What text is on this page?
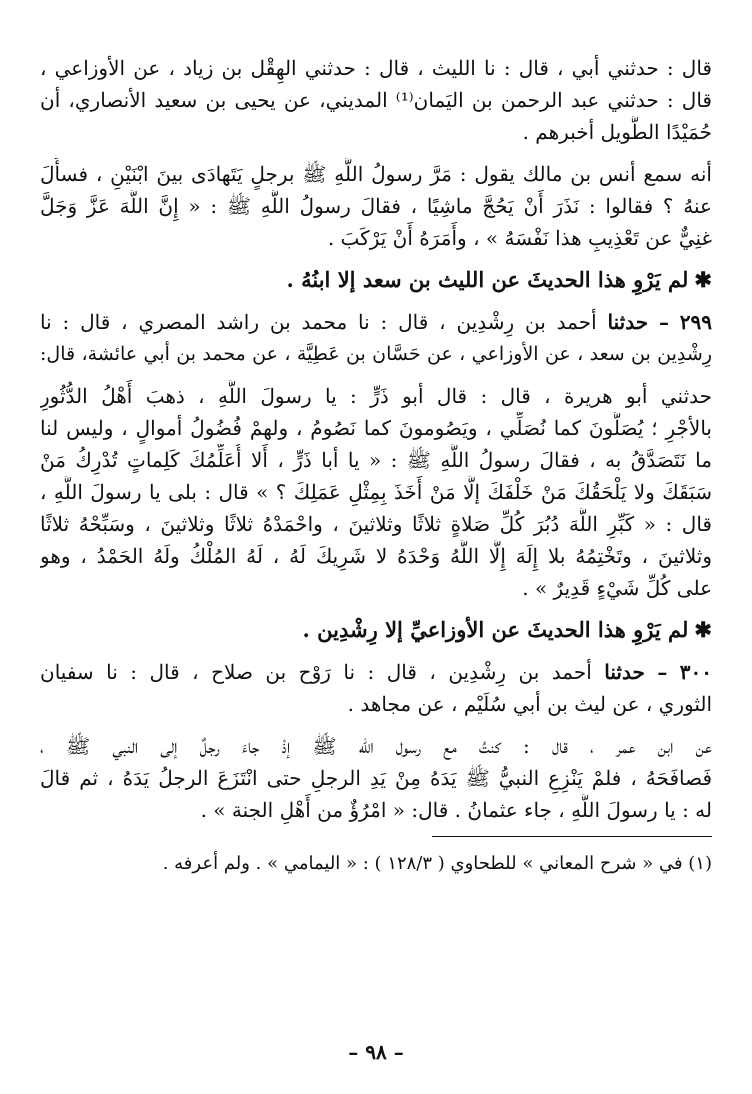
قال : حدثني أبي ، قال : نا الليث ، قال : حدثني الهِقْل بن زياد ، عن الأوزاعي ،
قال : حدثني عبد الرحمن بن اليَمان⁽¹⁾ المديني، عن يحيى بن سعيد الأنصاري، أن
حُمَيْدًا الطَّويل أخبرهم .
أنه سمع أنس بن مالك يقول : مَرَّ رسولُ اللَّهِ ﷺ برجلٍ يَتَهادَى بينَ ابْنَيْنِ ، فسأَلَ
عنهُ ؟ فقالوا : نَذَرَ أَنْ يَحُجَّ ماشِيًا ، فقالَ رسولُ اللَّهِ ﷺ : « إِنَّ اللَّهَ عَزَّ وَجَلَّ
غنِيٌّ عن تَعْذِيبِ هذا نَفْسَهُ » ، وأَمَرَهُ أَنْ يَرْكَبَ .
✱لم يَرْوِ هذا الحديثَ عن الليث بن سعد إلا ابنُهُ .
٢٩٩ – حدثنا أحمد بن رِشْدِين ، قال : نا محمد بن راشد المصري ، قال : نا
رِشْدِين بن سعد ، عن الأوزاعي ، عن حَسَّان بن عَطِيَّة ، عن محمد بن أبي عائشة، قال:
حدثني أبو هريرة ، قال : قال أبو ذَرٍّ : يا رسولَ اللَّهِ ، ذهبَ أَهْلُ الدُّثُورِ
بالأجْرِ ؛ يُصَلُّونَ كما نُصَلِّي ، ويَصُومونَ كما نَصُومُ ، ولهمْ فُضُولُ أموالٍ ، وليس لنا
ما نَتَصَدَّقُ به ، فقالَ رسولُ اللَّهِ ﷺ : « يا أبا ذَرٍّ ، أَلا أُعَلِّمُكَ كَلِماتٍ تُدْرِكُ مَنْ
سَبَقَكَ ولا يَلْحَقُكَ مَنْ خَلْفَكَ إلَّا مَنْ أَخَذَ بِمِثْلِ عَمَلِكَ ؟ » قال : بلى يا رسولَ اللَّهِ ،
قال : « كَبِّرِ اللَّهَ دُبُرَ كُلِّ صَلاةٍ ثلاثًا وثلاثينَ ، واحْمَدْهُ ثلاثًا وثلاثينَ ، وسَبِّحْهُ ثلاثًا
وثلاثينَ ، وتَخْتِمُهُ بلا إِلَهَ إِلَّا اللَّهُ وَحْدَهُ لا شَرِيكَ لَهُ ، لَهُ المُلْكُ ولَهُ الحَمْدُ ، وهو
على كُلِّ شَيْءٍ قَدِيرٌ » .
✱لم يَرْوِ هذا الحديثَ عن الأوزاعيِّ إلا رِشْدِين .
٣٠٠ – حدثنا أحمد بن رِشْدِين ، قال : نا رَوْح بن صلاح ، قال : نا سفيان
الثوري ، عن ليث بن أبي سُلَيْم ، عن مجاهد .
عن ابن عمر ، قال : كنتُ مع رسول الله ﷺ إذْ جاءَ رجلٌ إلى النبي ﷺ ،
فَصافَحَهُ ، فلمْ يَنْزِعِ النبيُّ ﷺ يَدَهُ مِنْ يَدِ الرجلِ حتى انْتَزَعَ الرجلُ يَدَهُ ، ثم قالَ
له : يا رسولَ اللَّهِ ، جاء عثمانُ . قال: « امْرُؤٌ من أَهْلِ الجنة » .
(١) في « شرح المعاني » للطحاوي ( ١٢٨/٣ ) : « اليمامي » . ولم أعرفه .
– ٩٨ –
